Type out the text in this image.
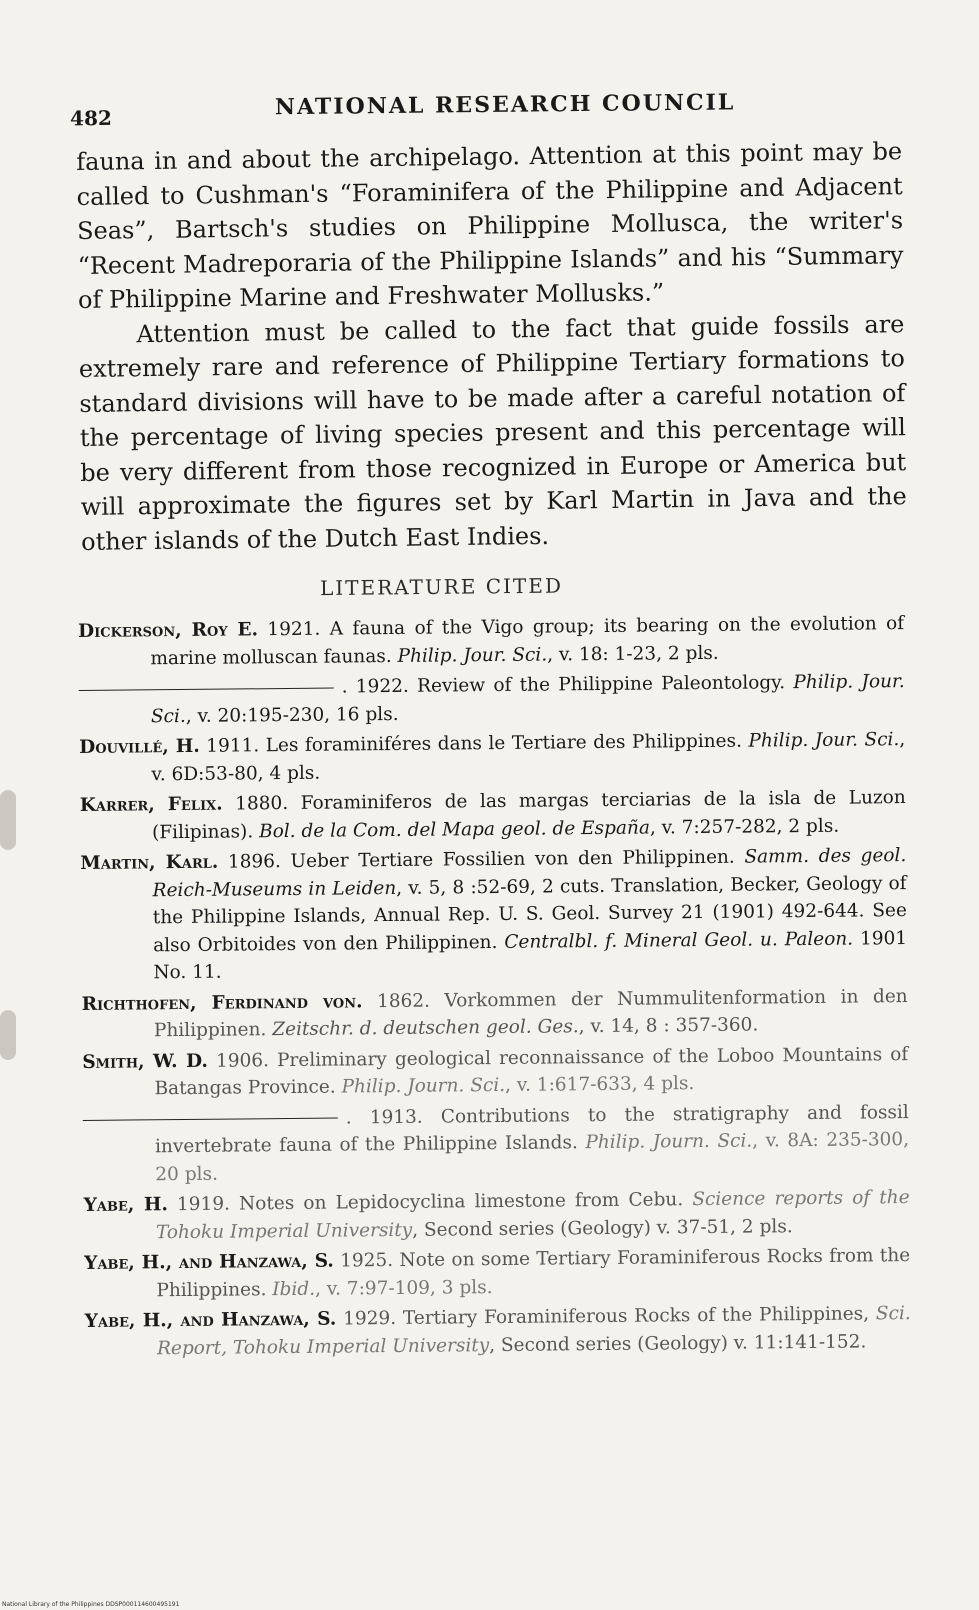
482	NATIONAL RESEARCH COUNCIL

fauna in and about the archipelago. Attention at this point may be called to Cushman's “Foraminifera of the Philippine and Adjacent Seas”, Bartsch's studies on Philippine Mollusca, the writer's “Recent Madreporaria of the Philippine Islands” and his “Summary of Philippine Marine and Freshwater Mollusks.”

Attention must be called to the fact that guide fossils are extremely rare and reference of Philippine Tertiary formations to standard divisions will have to be made after a careful notation of the percentage of living species present and this percentage will be very different from those recognized in Europe or America but will approximate the figures set by Karl Martin in Java and the other islands of the Dutch East Indies.

LITERATURE CITED

Dickerson, Roy E. 1921. A fauna of the Vigo group; its bearing on the evolution of marine molluscan faunas. Philip. Jour. Sci., v. 18: 1-23, 2 pls.

. 1922. Review of the Philippine Paleontology. Philip. Jour. Sci., v. 20:195-230, 16 pls.

Douvillé, H. 1911. Les foraminiféres dans le Tertiare des Philippines. Philip. Jour. Sci., v. 6D:53-80, 4 pls.

Karrer, Felix. 1880. Foraminiferos de las margas terciarias de la isla de Luzon (Filipinas). Bol. de la Com. del Mapa geol. de España, v. 7:257-282, 2 pls.

Martin, Karl. 1896. Ueber Tertiare Fossilien von den Philippinen. Samm. des geol. Reich-Museums in Leiden, v. 5, 8 :52-69, 2 cuts. Translation, Becker, Geology of the Philippine Islands, Annual Rep. U. S. Geol. Survey 21 (1901) 492-644. See also Orbitoides von den Philippinen. Centralbl. f. Mineral Geol. u. Paleon. 1901 No. 11.

Richthofen, Ferdinand von. 1862. Vorkommen der Nummulitenformation in den Philippinen. Zeitschr. d. deutschen geol. Ges., v. 14, 8 : 357-360.

Smith, W. D. 1906. Preliminary geological reconnaissance of the Loboo Mountains of Batangas Province. Philip. Journ. Sci., v. 1:617-633, 4 pls.

. 1913. Contributions to the stratigraphy and fossil invertebrate fauna of the Philippine Islands. Philip. Journ. Sci., v. 8A: 235-300, 20 pls.

Yabe, H. 1919. Notes on Lepidocyclina limestone from Cebu. Science reports of the Tohoku Imperial University, Second series (Geology) v. 37-51, 2 pls.

Yabe, H., and Hanzawa, S. 1925. Note on some Tertiary Foraminiferous Rocks from the Philippines. Ibid., v. 7:97-109, 3 pls.

Yabe, H., and Hanzawa, S. 1929. Tertiary Foraminiferous Rocks of the Philippines, Sci. Report, Tohoku Imperial University, Second series (Geology) v. 11:141-152.

National Library of the Philippines DDSP000114600495191
